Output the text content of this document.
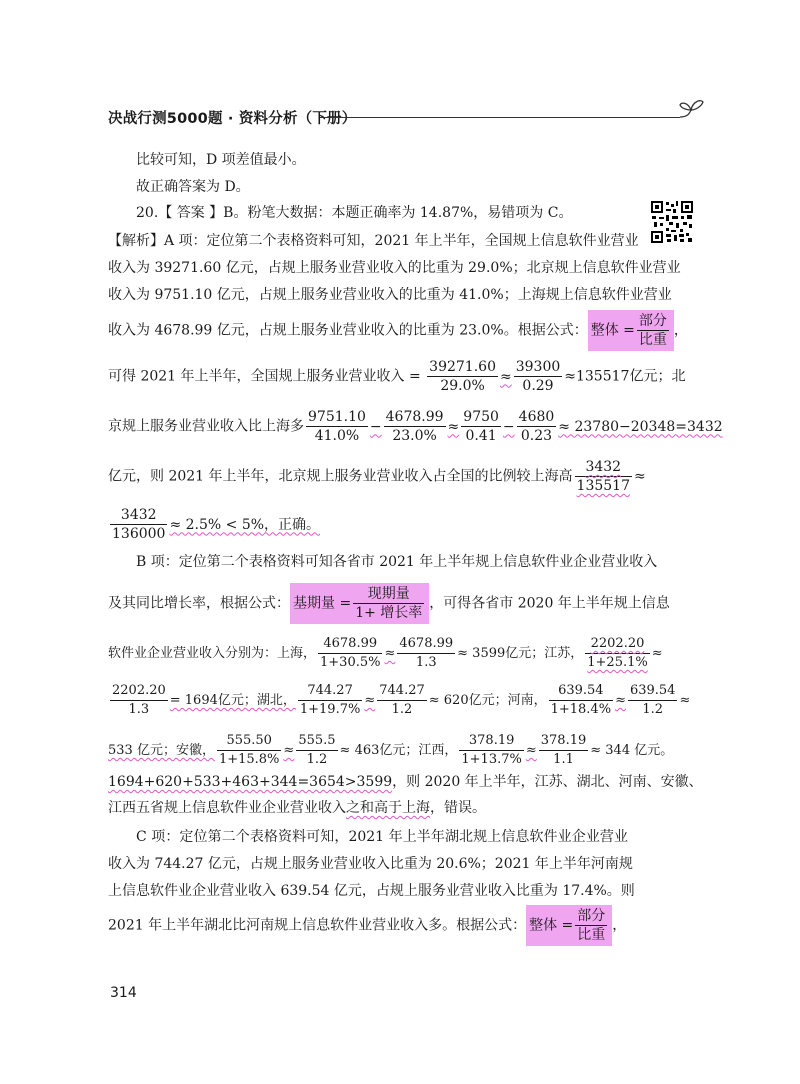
决战行测5000题 · 资料分析（下册）
比较可知，D 项差值最小。
故正确答案为 D。
20.【 答案 】B。粉笔大数据：本题正确率为 14.87%，易错项为 C。
【解析】A 项：定位第二个表格资料可知，2021 年上半年，全国规上信息软件业营业
收入为 39271.60 亿元，占规上服务业营业收入的比重为 29.0%；北京规上信息软件业营业
收入为 9751.10 亿元，占规上服务业营业收入的比重为 41.0%；上海规上信息软件业营业
收入为 4678.99 亿元，占规上服务业营业收入的比重为 23.0%。根据公式： 整体 = $\frac{\text{部分}}{\text{比重}}$ ，
可得 2021 年上半年，全国规上服务业营业收入 = $\frac{39271.60}{29.0\%} \approx \frac{39300}{0.29} \approx 135517$亿元；北
京规上服务业营业收入比上海多 $\frac{9751.10}{41.0\%} - \frac{4678.99}{23.0\%} \approx \frac{9750}{0.41} - \frac{4680}{0.23} \approx 23780-20348=3432$
亿元，则 2021 年上半年，北京规上服务业营业收入占全国的比例较上海高 $\frac{3432}{135517}$ ≈
$\frac{3432}{136000} \approx 2.5\% < 5\%$，正确。
B 项：定位第二个表格资料可知各省市 2021 年上半年规上信息软件业企业营业收入
及其同比增长率，根据公式： 基期量 = $\frac{\text{现期量}}{\text{1+ 增长率}}$ ，可得各省市 2020 年上半年规上信息
软件业企业营业收入分别为：上海， $\frac{4678.99}{1+30.5\%} \approx \frac{4678.99}{1.3} \approx 3599$亿元；江苏， $\frac{2202.20}{1+25.1\%}$ ≈
$\frac{2202.20}{1.3} = 1694$亿元；湖北， $\frac{744.27}{1+19.7\%} \approx \frac{744.27}{1.2} \approx 620$亿元；河南， $\frac{639.54}{1+18.4\%} \approx \frac{639.54}{1.2}$ ≈
533 亿元；安徽， $\frac{555.50}{1+15.8\%} \approx \frac{555.5}{1.2} \approx 463$亿元；江西， $\frac{378.19}{1+13.7\%} \approx \frac{378.19}{1.1} \approx 344$ 亿元。
1694+620+533+463+344=3654>3599，则 2020 年上半年，江苏、湖北、河南、安徽、
江西五省规上信息软件业企业营业收入之和高于上海，错误。
C 项：定位第二个表格资料可知，2021 年上半年湖北规上信息软件业企业营业
收入为 744.27 亿元，占规上服务业营业收入比重为 20.6%；2021 年上半年河南规
上信息软件业企业营业收入 639.54 亿元，占规上服务业营业收入比重为 17.4%。则
2021 年上半年湖北比河南规上信息软件业营业收入多。根据公式： 整体 = $\frac{\text{部分}}{\text{比重}}$ ，
314
